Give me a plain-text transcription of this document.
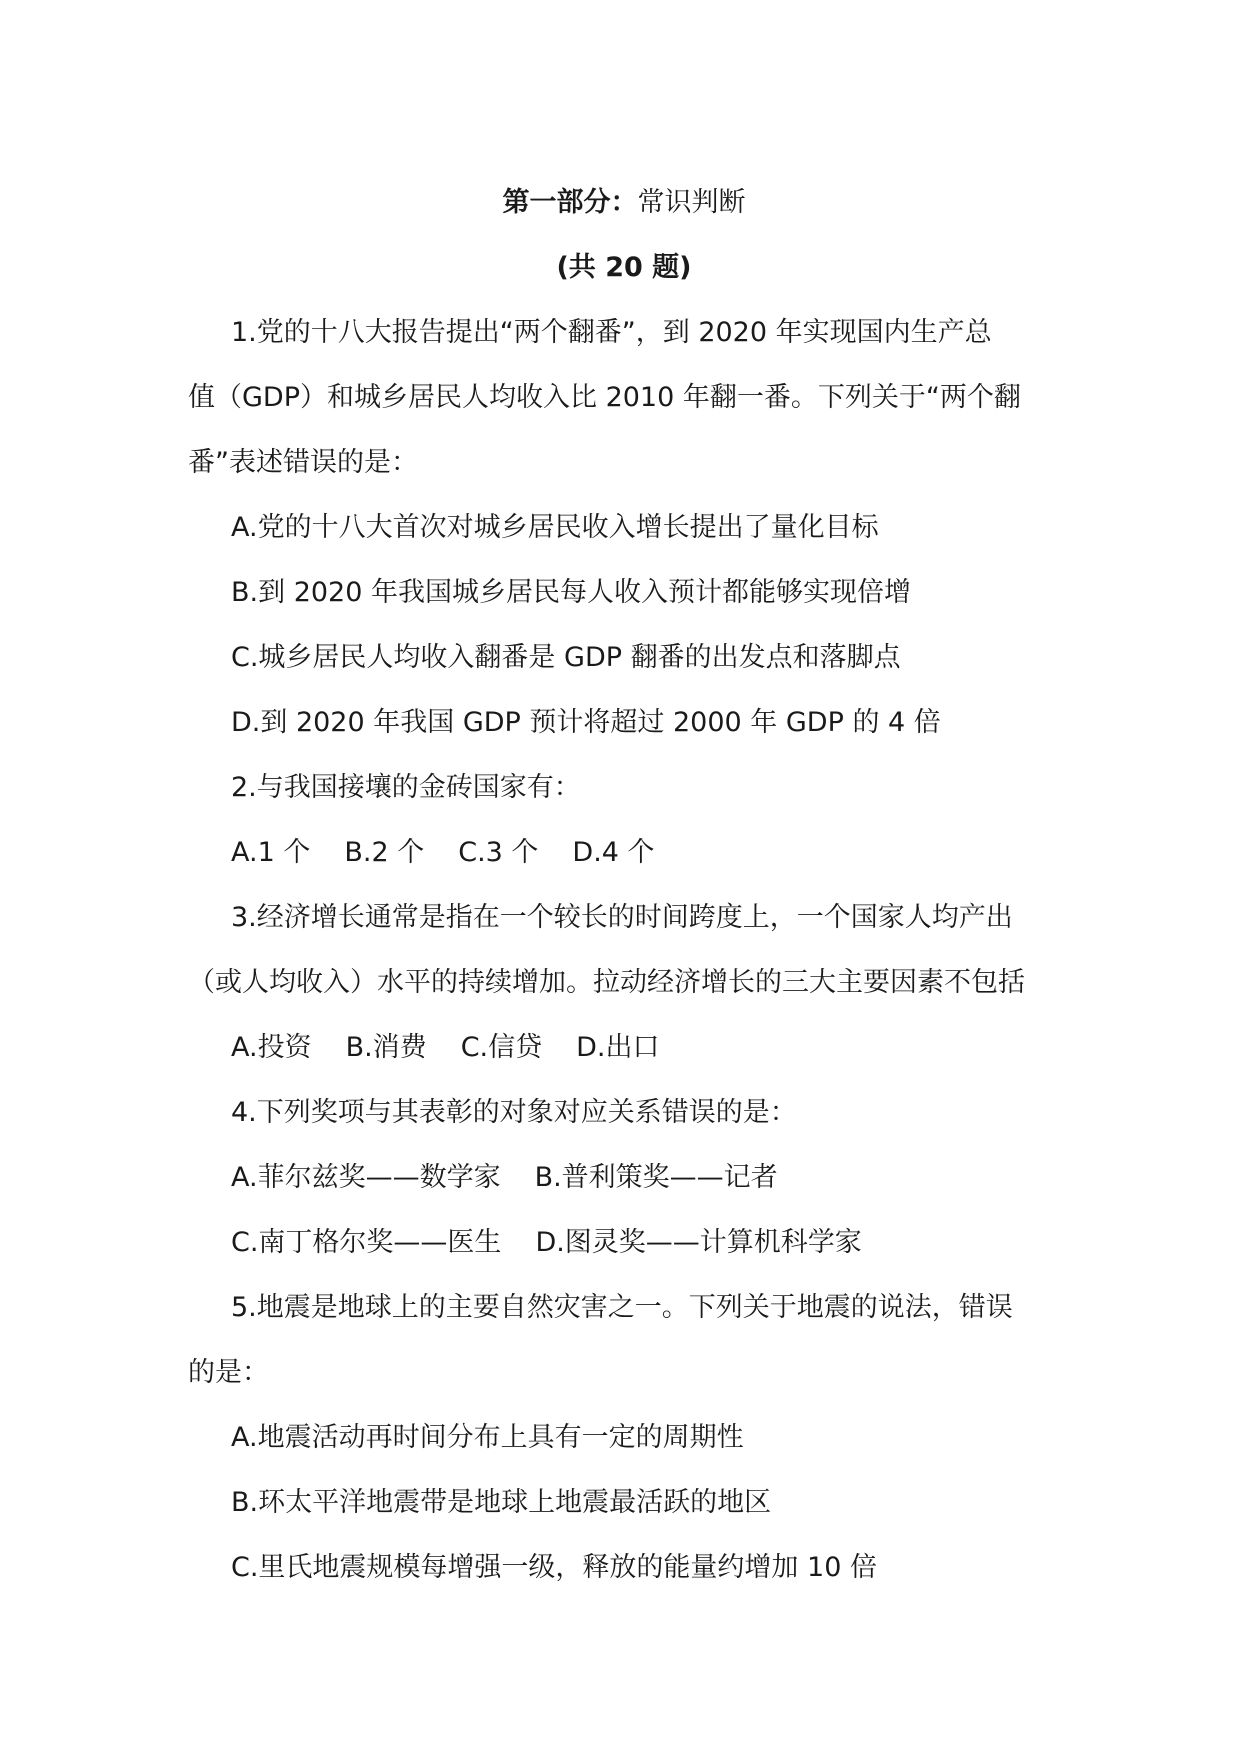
第一部分：常识判断
(共 20 题)
1.党的十八大报告提出“两个翻番”，到 2020 年实现国内生产总
值（GDP）和城乡居民人均收入比 2010 年翻一番。下列关于“两个翻
番”表述错误的是：
A.党的十八大首次对城乡居民收入增长提出了量化目标
B.到 2020 年我国城乡居民每人收入预计都能够实现倍增
C.城乡居民人均收入翻番是 GDP 翻番的出发点和落脚点
D.到 2020 年我国 GDP 预计将超过 2000 年 GDP 的 4 倍
2.与我国接壤的金砖国家有：
A.1 个 B.2 个 C.3 个 D.4 个
3.经济增长通常是指在一个较长的时间跨度上，一个国家人均产出
（或人均收入）水平的持续增加。拉动经济增长的三大主要因素不包括
A.投资 B.消费 C.信贷 D.出口
4.下列奖项与其表彰的对象对应关系错误的是：
A.菲尔兹奖——数学家 B.普利策奖——记者
C.南丁格尔奖——医生 D.图灵奖——计算机科学家
5.地震是地球上的主要自然灾害之一。下列关于地震的说法，错误
的是：
A.地震活动再时间分布上具有一定的周期性
B.环太平洋地震带是地球上地震最活跃的地区
C.里氏地震规模每增强一级，释放的能量约增加 10 倍
